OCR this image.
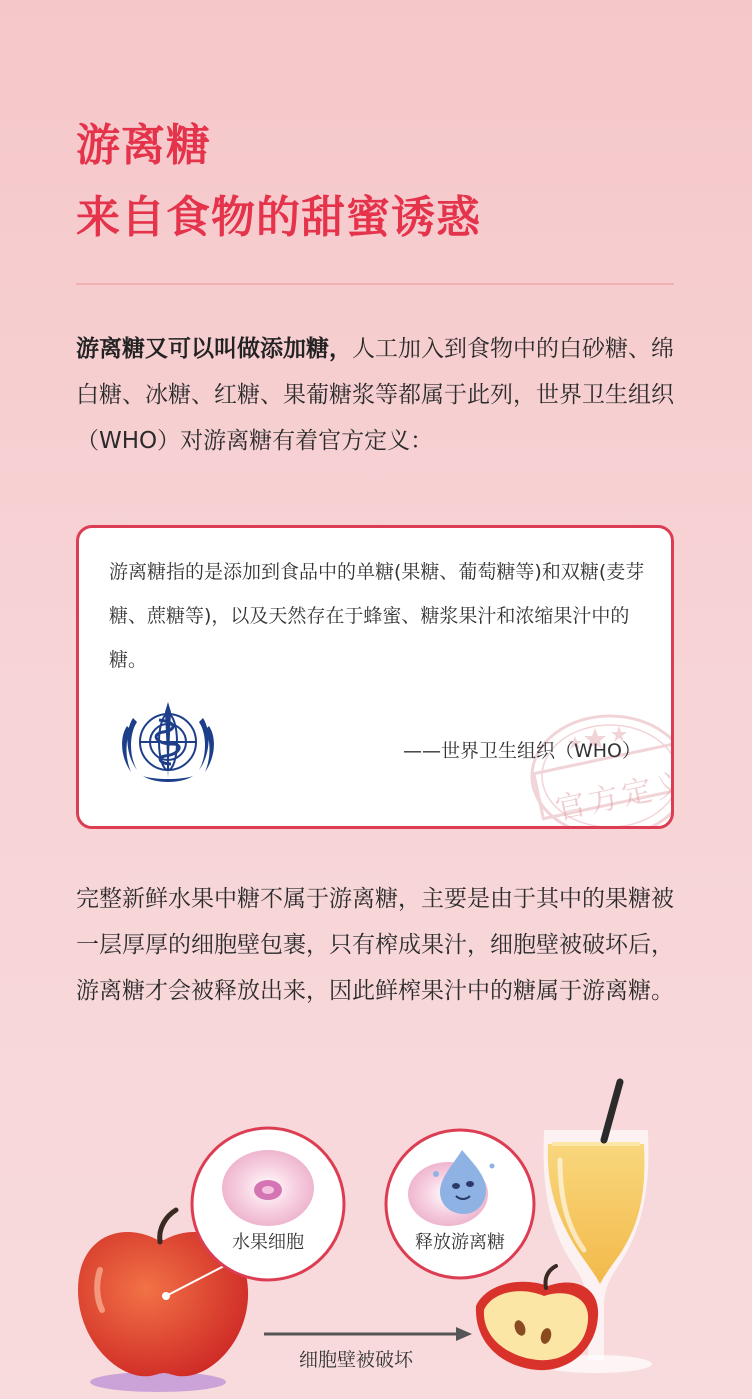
游离糖
来自食物的甜蜜诱惑

游离糖又可以叫做添加糖，人工加入到食物中的白砂糖、绵白糖、冰糖、红糖、果葡糖浆等都属于此列，世界卫生组织（WHO）对游离糖有着官方定义：

游离糖指的是添加到食品中的单糖(果糖、葡萄糖等)和双糖(麦芽糖、蔗糖等)，以及天然存在于蜂蜜、糖浆果汁和浓缩果汁中的糖。

官方定义
——世界卫生组织（WHO）

完整新鲜水果中糖不属于游离糖，主要是由于其中的果糖被一层厚厚的细胞壁包裹，只有榨成果汁，细胞壁被破坏后，游离糖才会被释放出来，因此鲜榨果汁中的糖属于游离糖。

水果细胞	释放游离糖
细胞壁被破坏
